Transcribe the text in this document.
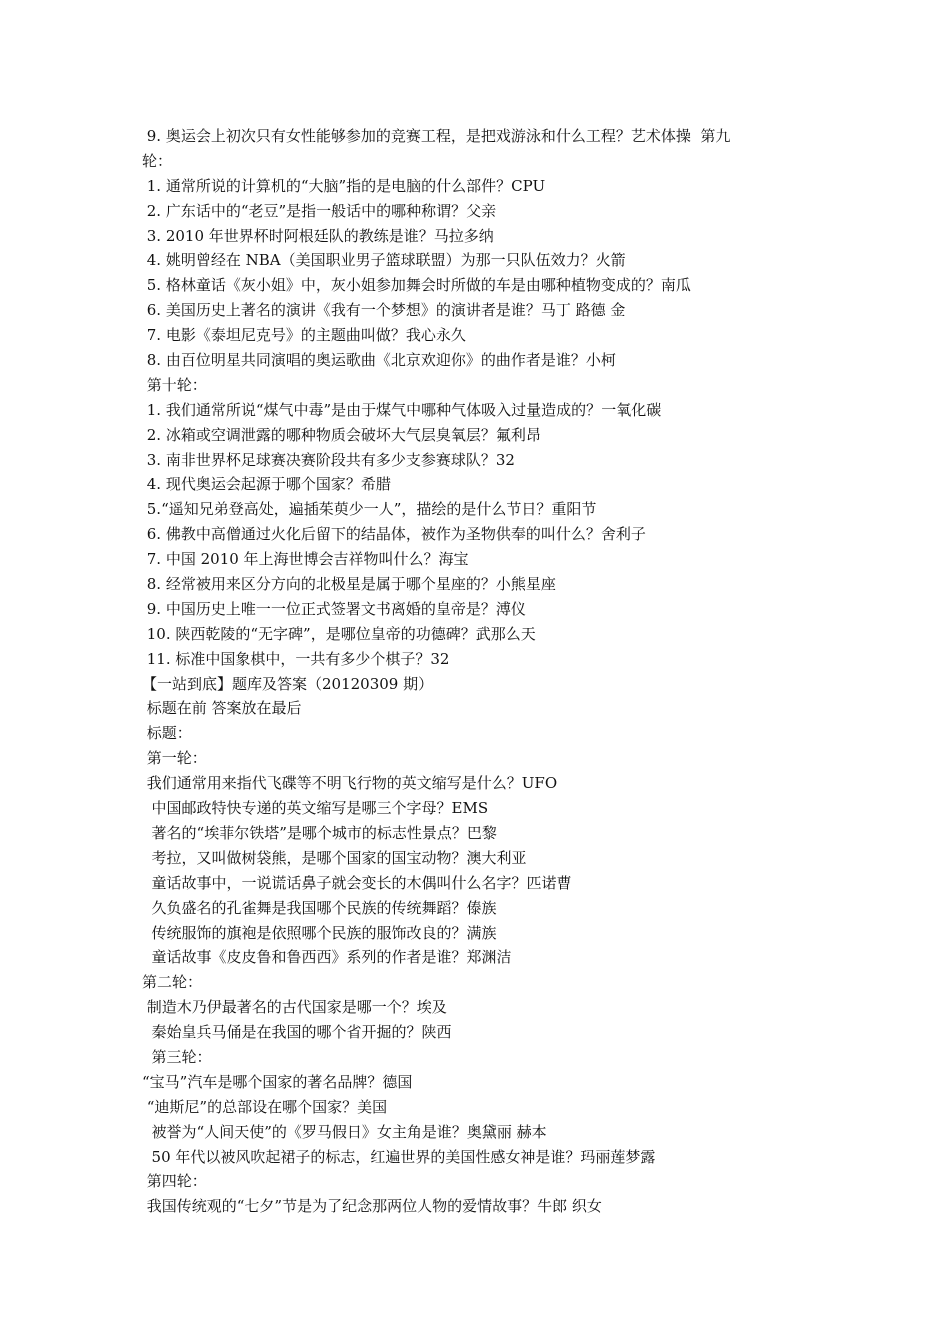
9. 奥运会上初次只有女性能够参加的竞赛工程，是把戏游泳和什么工程？艺术体操  第九
轮：
1. 通常所说的计算机的“大脑”指的是电脑的什么部件？CPU
2. 广东话中的“老豆”是指一般话中的哪种称谓？父亲
3. 2010 年世界杯时阿根廷队的教练是谁？马拉多纳
4. 姚明曾经在 NBA（美国职业男子篮球联盟）为那一只队伍效力？火箭
5. 格林童话《灰小姐》中，灰小姐参加舞会时所做的车是由哪种植物变成的？南瓜
6. 美国历史上著名的演讲《我有一个梦想》的演讲者是谁？马丁 路德 金
7. 电影《泰坦尼克号》的主题曲叫做？我心永久
8. 由百位明星共同演唱的奥运歌曲《北京欢迎你》的曲作者是谁？小柯
第十轮：
1. 我们通常所说“煤气中毒”是由于煤气中哪种气体吸入过量造成的？一氧化碳
2. 冰箱或空调泄露的哪种物质会破坏大气层臭氧层？氟利昂
3. 南非世界杯足球赛决赛阶段共有多少支参赛球队？32
4. 现代奥运会起源于哪个国家？希腊
5.“遥知兄弟登高处，遍插茱萸少一人”，描绘的是什么节日？重阳节
6. 佛教中高僧通过火化后留下的结晶体，被作为圣物供奉的叫什么？舍利子
7. 中国 2010 年上海世博会吉祥物叫什么？海宝
8. 经常被用来区分方向的北极星是属于哪个星座的？小熊星座
9. 中国历史上唯一一位正式签署文书离婚的皇帝是？溥仪
10. 陕西乾陵的“无字碑”，是哪位皇帝的功德碑？武那么天
11. 标准中国象棋中，一共有多少个棋子？32
【一站到底】题库及答案（20120309 期）
标题在前 答案放在最后
标题：
第一轮：
我们通常用来指代飞碟等不明飞行物的英文缩写是什么？UFO
中国邮政特快专递的英文缩写是哪三个字母？EMS
著名的“埃菲尔铁塔”是哪个城市的标志性景点？巴黎
考拉，又叫做树袋熊，是哪个国家的国宝动物？澳大利亚
童话故事中，一说谎话鼻子就会变长的木偶叫什么名字？匹诺曹
久负盛名的孔雀舞是我国哪个民族的传统舞蹈？傣族
传统服饰的旗袍是依照哪个民族的服饰改良的？满族
童话故事《皮皮鲁和鲁西西》系列的作者是谁？郑渊洁
第二轮：
制造木乃伊最著名的古代国家是哪一个？埃及
秦始皇兵马俑是在我国的哪个省开掘的？陕西
第三轮：
“宝马”汽车是哪个国家的著名品牌？德国
“迪斯尼”的总部设在哪个国家？美国
被誉为“人间天使”的《罗马假日》女主角是谁？奥黛丽 赫本
50 年代以被风吹起裙子的标志，红遍世界的美国性感女神是谁？玛丽莲梦露
第四轮：
我国传统观的“七夕”节是为了纪念那两位人物的爱情故事？牛郎 织女
